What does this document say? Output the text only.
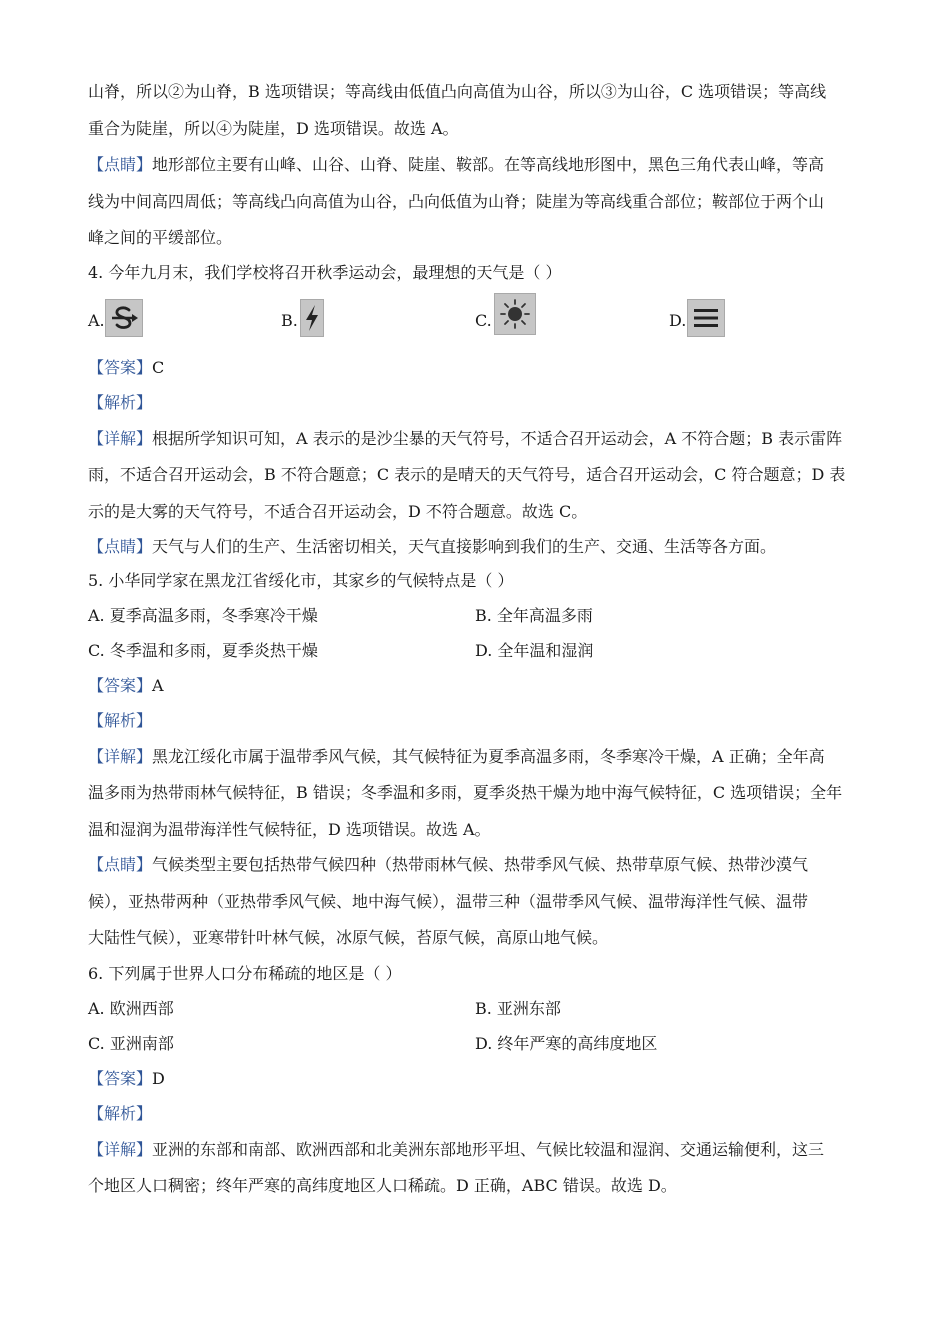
山脊，所以②为山脊，B 选项错误；等高线由低值凸向高值为山谷，所以③为山谷，C 选项错误；等高线
重合为陡崖，所以④为陡崖，D 选项错误。故选 A。
【点睛】地形部位主要有山峰、山谷、山脊、陡崖、鞍部。在等高线地形图中，黑色三角代表山峰，等高
线为中间高四周低；等高线凸向高值为山谷，凸向低值为山脊；陡崖为等高线重合部位；鞍部位于两个山
峰之间的平缓部位。
4. 今年九月末，我们学校将召开秋季运动会，最理想的天气是（ ）
A.	B.	C.	D.
【答案】C
【解析】
【详解】根据所学知识可知，A 表示的是沙尘暴的天气符号，不适合召开运动会，A 不符合题；B 表示雷阵
雨，不适合召开运动会，B 不符合题意；C 表示的是晴天的天气符号，适合召开运动会，C 符合题意；D 表
示的是大雾的天气符号，不适合召开运动会，D 不符合题意。故选 C。
【点睛】天气与人们的生产、生活密切相关，天气直接影响到我们的生产、交通、生活等各方面。
5. 小华同学家在黑龙江省绥化市，其家乡的气候特点是（ ）
A. 夏季高温多雨，冬季寒冷干燥	B. 全年高温多雨
C. 冬季温和多雨，夏季炎热干燥	D. 全年温和湿润
【答案】A
【解析】
【详解】黑龙江绥化市属于温带季风气候，其气候特征为夏季高温多雨，冬季寒冷干燥，A 正确；全年高
温多雨为热带雨林气候特征，B 错误；冬季温和多雨，夏季炎热干燥为地中海气候特征，C 选项错误；全年
温和湿润为温带海洋性气候特征，D 选项错误。故选 A。
【点睛】气候类型主要包括热带气候四种（热带雨林气候、热带季风气候、热带草原气候、热带沙漠气
候），亚热带两种（亚热带季风气候、地中海气候），温带三种（温带季风气候、温带海洋性气候、温带
大陆性气候），亚寒带针叶林气候，冰原气候，苔原气候，高原山地气候。
6. 下列属于世界人口分布稀疏的地区是（ ）
A. 欧洲西部	B. 亚洲东部
C. 亚洲南部	D. 终年严寒的高纬度地区
【答案】D
【解析】
【详解】亚洲的东部和南部、欧洲西部和北美洲东部地形平坦、气候比较温和湿润、交通运输便利，这三
个地区人口稠密；终年严寒的高纬度地区人口稀疏。D 正确，ABC 错误。故选 D。
